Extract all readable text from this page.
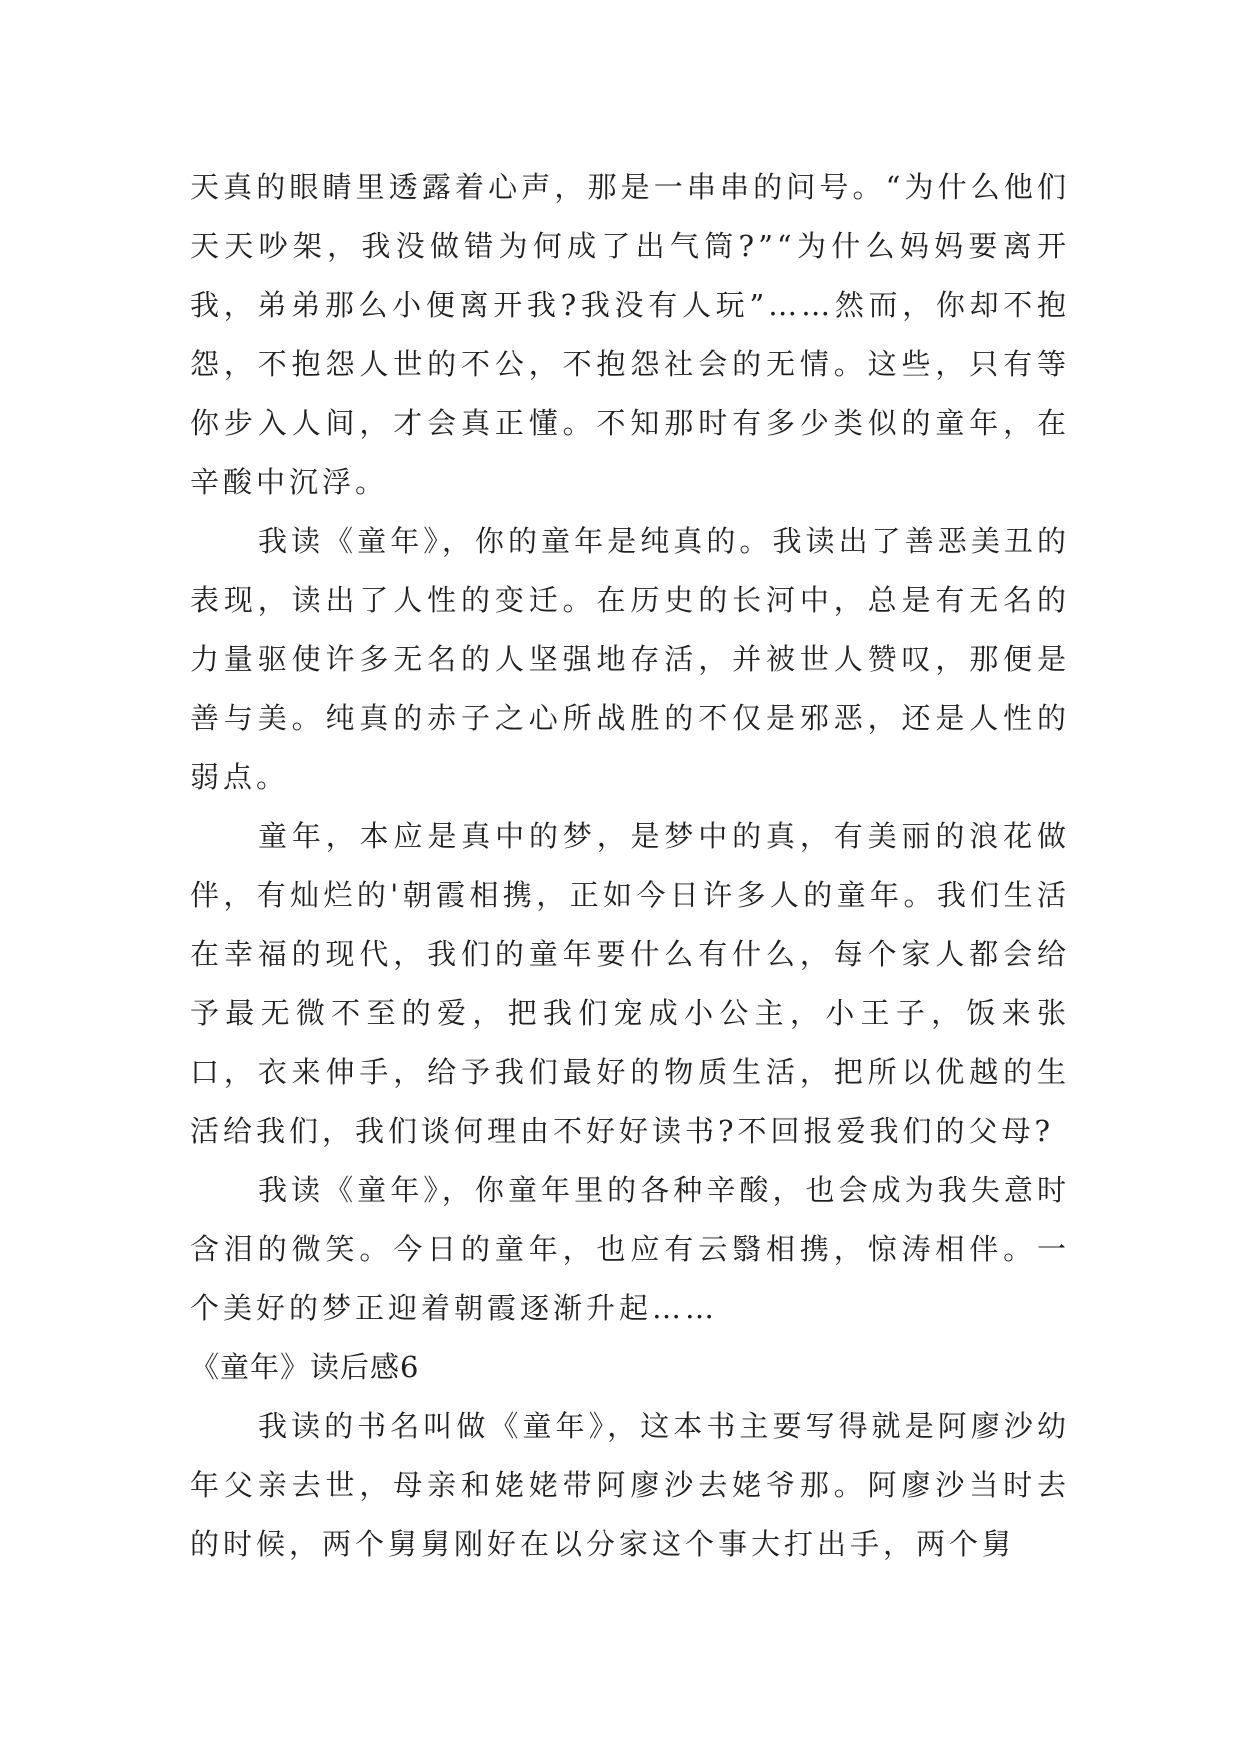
天真的眼睛里透露着心声，那是一串串的问号。“为什么他们天天吵架，我没做错为何成了出气筒?”“为什么妈妈要离开我，弟弟那么小便离开我?我没有人玩”……然而，你却不抱怨，不抱怨人世的不公，不抱怨社会的无情。这些，只有等你步入人间，才会真正懂。不知那时有多少类似的童年，在辛酸中沉浮。

我读《童年》，你的童年是纯真的。我读出了善恶美丑的表现，读出了人性的变迁。在历史的长河中，总是有无名的力量驱使许多无名的人坚强地存活，并被世人赞叹，那便是善与美。纯真的赤子之心所战胜的不仅是邪恶，还是人性的弱点。

童年，本应是真中的梦，是梦中的真，有美丽的浪花做伴，有灿烂的'朝霞相携，正如今日许多人的童年。我们生活在幸福的现代，我们的童年要什么有什么，每个家人都会给予最无微不至的爱，把我们宠成小公主，小王子，饭来张口，衣来伸手，给予我们最好的物质生活，把所以优越的生活给我们，我们谈何理由不好好读书?不回报爱我们的父母?

我读《童年》，你童年里的各种辛酸，也会成为我失意时含泪的微笑。今日的童年，也应有云翳相携，惊涛相伴。一个美好的梦正迎着朝霞逐渐升起……

《童年》读后感6

我读的书名叫做《童年》，这本书主要写得就是阿廖沙幼年父亲去世，母亲和姥姥带阿廖沙去姥爷那。阿廖沙当时去的时候，两个舅舅刚好在以分家这个事大打出手，两个舅
